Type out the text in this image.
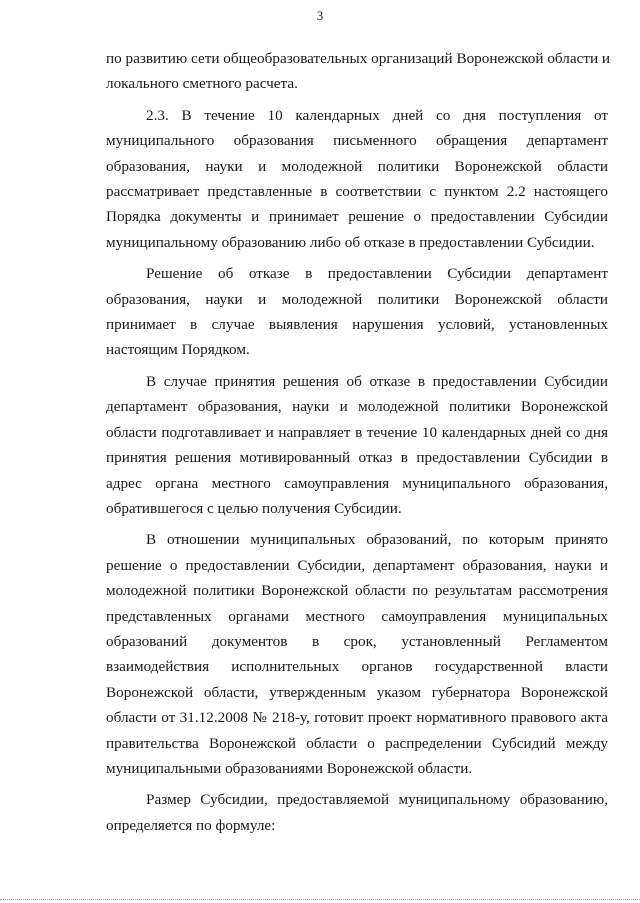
3

по развитию сети общеобразовательных организаций Воронежской области и
локального сметного расчета.

2.3. В течение 10 календарных дней со дня поступления от
муниципального образования письменного обращения департамент
образования, науки и молодежной политики Воронежской области
рассматривает представленные в соответствии с пунктом 2.2 настоящего
Порядка документы и принимает решение о предоставлении Субсидии
муниципальному образованию либо об отказе в предоставлении Субсидии.

Решение об отказе в предоставлении Субсидии департамент
образования, науки и молодежной политики Воронежской области
принимает в случае выявления нарушения условий, установленных
настоящим Порядком.

В случае принятия решения об отказе в предоставлении Субсидии
департамент образования, науки и молодежной политики Воронежской
области подготавливает и направляет в течение 10 календарных дней со дня
принятия решения мотивированный отказ в предоставлении Субсидии в
адрес органа местного самоуправления муниципального образования,
обратившегося с целью получения Субсидии.

В отношении муниципальных образований, по которым принято
решение о предоставлении Субсидии, департамент образования, науки и
молодежной политики Воронежской области по результатам рассмотрения
представленных органами местного самоуправления муниципальных
образований документов в срок, установленный Регламентом
взаимодействия исполнительных органов государственной власти
Воронежской области, утвержденным указом губернатора Воронежской
области от 31.12.2008 № 218-у, готовит проект нормативного правового акта
правительства Воронежской области о распределении Субсидий между
муниципальными образованиями Воронежской области.

Размер Субсидии, предоставляемой муниципальному образованию,
определяется по формуле:
